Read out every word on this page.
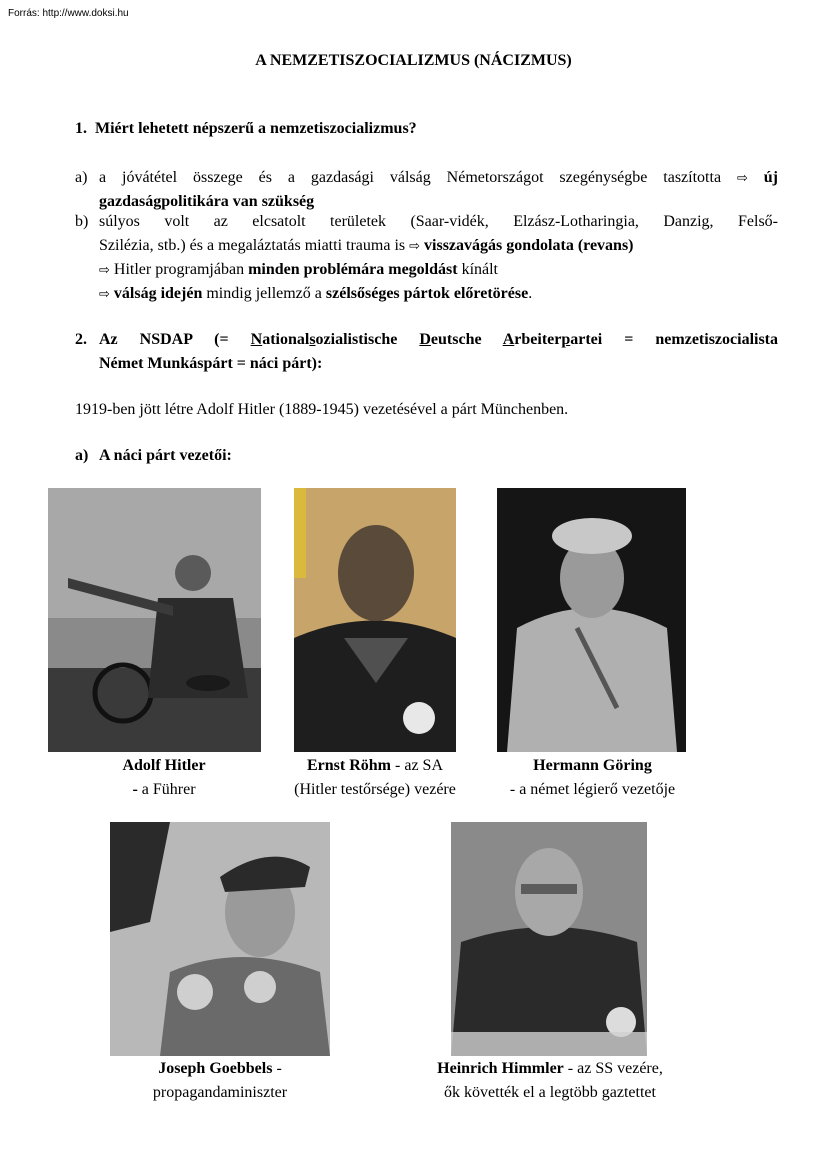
Forrás: http://www.doksi.hu
A NEMZETISZOCIALIZMUS (NÁCIZMUS)
1. Miért lehetett népszerű a nemzetiszocializmus?
a) a jóvátétel összege és a gazdasági válság Németországot szegénységbe taszította ⇨ új
gazdaságpolitikára van szükség
b) súlyos volt az elcsatolt területek (Saar-vidék, Elzász-Lotharingia, Danzig, Felső-
Szilézia, stb.) és a megaláztatás miatti trauma is ⇨ visszavágás gondolata (revans)
⇨ Hitler programjában minden problémára megoldást kínált
⇨ válság idején mindig jellemző a szélsőséges pártok előretörése.
2. Az NSDAP (= Nationalsozialistische Deutsche Arbeiterpartei = nemzetiszocialista
Német Munkáspárt = náci párt):
1919-ben jött létre Adolf Hitler (1889-1945) vezetésével a párt Münchenben.
a) A náci párt vezetői:
Adolf Hitler
- a Führer
Ernst Röhm - az SA
(Hitler testőrsége) vezére
Hermann Göring
- a német légierő vezetője
Joseph Goebbels -
propagandaminiszter
Heinrich Himmler - az SS vezére,
ők követték el a legtöbb gaztettet
